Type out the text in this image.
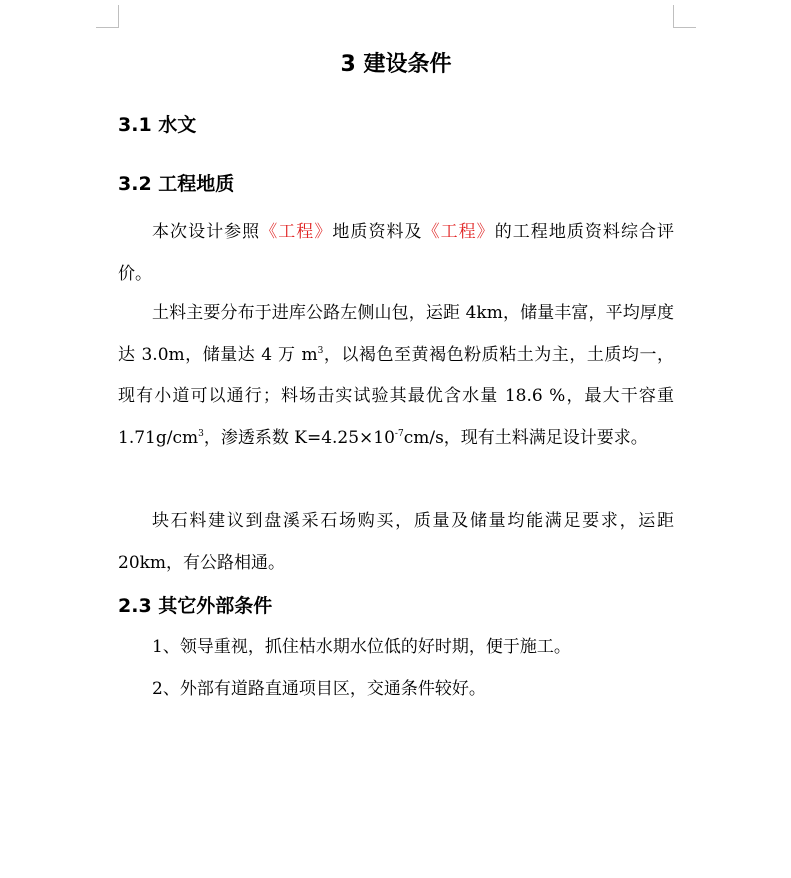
3 建设条件
3.1 水文
3.2 工程地质

本次设计参照《工程》地质资料及《工程》的工程地质资料综合评价。

土料主要分布于进库公路左侧山包，运距 4km，储量丰富，平均厚度达 3.0m，储量达 4 万 $m^3$，以褐色至黄褐色粉质粘土为主，土质均一，现有小道可以通行；料场击实试验其最优含水量 18.6 %，最大干容重 $1.71g/cm^3$，渗透系数 $K=4.25\times 10^{-7}cm/s$，现有土料满足设计要求。

块石料建议到盘溪采石场购买，质量及储量均能满足要求，运距 20km，有公路相通。

2.3 其它外部条件

1、领导重视，抓住枯水期水位低的好时期，便于施工。

2、外部有道路直通项目区，交通条件较好。
